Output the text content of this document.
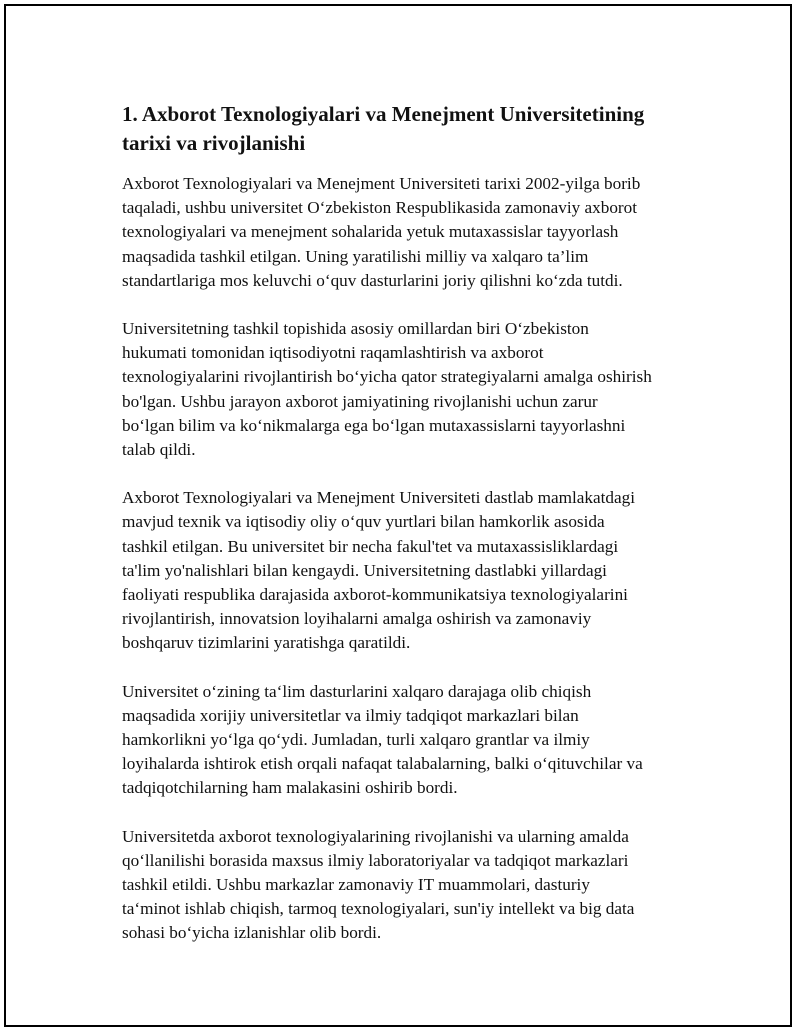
1. Axborot Texnologiyalari va Menejment Universitetining
tarixi va rivojlanishi

Axborot Texnologiyalari va Menejment Universiteti tarixi 2002-yilga borib
taqaladi, ushbu universitet O‘zbekiston Respublikasida zamonaviy axborot
texnologiyalari va menejment sohalarida yetuk mutaxassislar tayyorlash
maqsadida tashkil etilgan. Uning yaratilishi milliy va xalqaro ta’lim
standartlariga mos keluvchi o‘quv dasturlarini joriy qilishni ko‘zda tutdi.

Universitetning tashkil topishida asosiy omillardan biri O‘zbekiston
hukumati tomonidan iqtisodiyotni raqamlashtirish va axborot
texnologiyalarini rivojlantirish bo‘yicha qator strategiyalarni amalga oshirish
bo'lgan. Ushbu jarayon axborot jamiyatining rivojlanishi uchun zarur
bo‘lgan bilim va ko‘nikmalarga ega bo‘lgan mutaxassislarni tayyorlashni
talab qildi.

Axborot Texnologiyalari va Menejment Universiteti dastlab mamlakatdagi
mavjud texnik va iqtisodiy oliy o‘quv yurtlari bilan hamkorlik asosida
tashkil etilgan. Bu universitet bir necha fakul'tet va mutaxassisliklardagi
ta'lim yo'nalishlari bilan kengaydi. Universitetning dastlabki yillardagi
faoliyati respublika darajasida axborot-kommunikatsiya texnologiyalarini
rivojlantirish, innovatsion loyihalarni amalga oshirish va zamonaviy
boshqaruv tizimlarini yaratishga qaratildi.

Universitet o‘zining ta‘lim dasturlarini xalqaro darajaga olib chiqish
maqsadida xorijiy universitetlar va ilmiy tadqiqot markazlari bilan
hamkorlikni yo‘lga qo‘ydi. Jumladan, turli xalqaro grantlar va ilmiy
loyihalarda ishtirok etish orqali nafaqat talabalarning, balki o‘qituvchilar va
tadqiqotchilarning ham malakasini oshirib bordi.

Universitetda axborot texnologiyalarining rivojlanishi va ularning amalda
qo‘llanilishi borasida maxsus ilmiy laboratoriyalar va tadqiqot markazlari
tashkil etildi. Ushbu markazlar zamonaviy IT muammolari, dasturiy
ta‘minot ishlab chiqish, tarmoq texnologiyalari, sun'iy intellekt va big data
sohasi bo‘yicha izlanishlar olib bordi.
